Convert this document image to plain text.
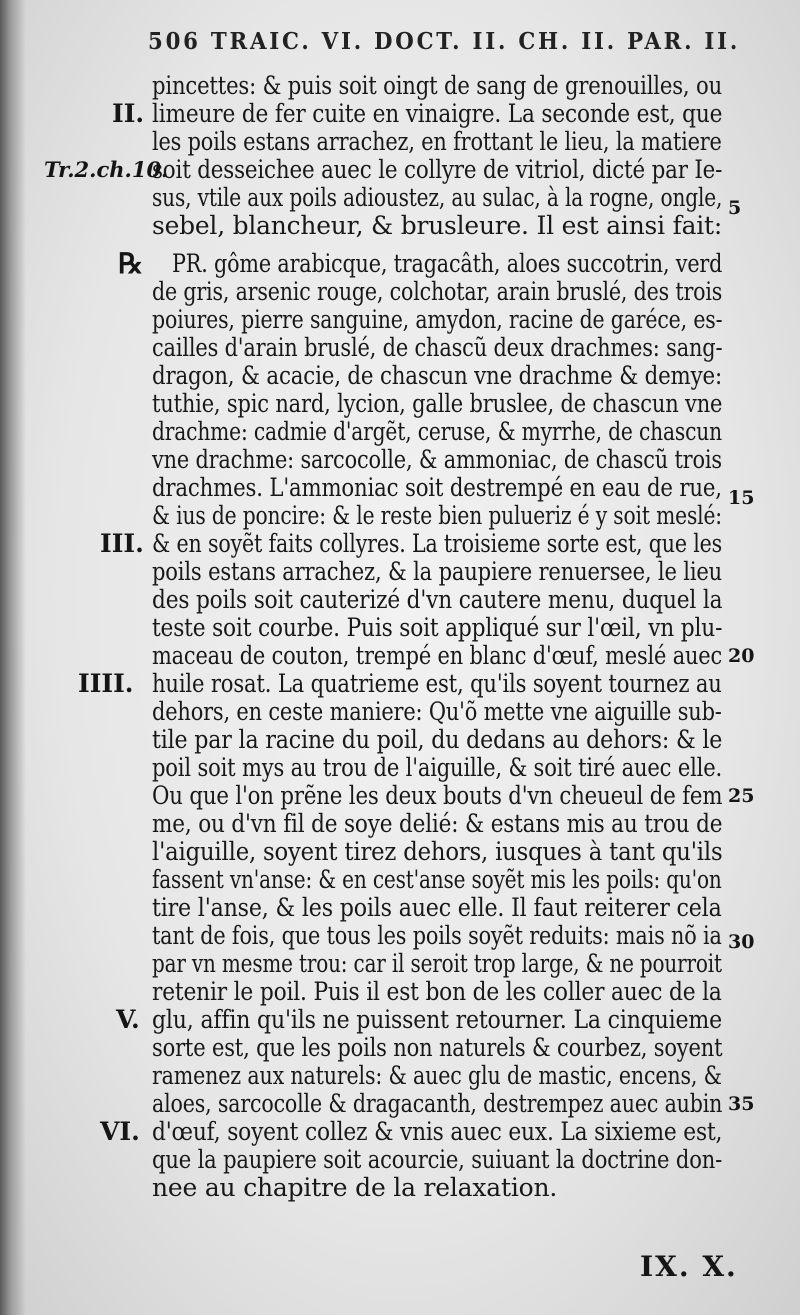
506 TRAIC. VI. DOCT. II. CH. II. PAR. II.
pincettes: & puis soit oingt de sang de grenouilles, ou
limeure de fer cuite en vinaigre. La seconde est, que
les poils estans arrachez, en frottant le lieu, la matiere
soit desseichee auec le collyre de vitriol, dicté par Ie-
sus, vtile aux poils adioustez, au sulac, à la rogne, ongle,
sebel, blancheur, & brusleure. Il est ainsi fait:
PR. gôme arabicque, tragacâth, aloes succotrin, verd
de gris, arsenic rouge, colchotar, arain bruslé, des trois
poiures, pierre sanguine, amydon, racine de garéce, es-
cailles d'arain bruslé, de chascũ deux drachmes: sang-
dragon, & acacie, de chascun vne drachme & demye:
tuthie, spic nard, lycion, galle bruslee, de chascun vne
drachme: cadmie d'argẽt, ceruse, & myrrhe, de chascun
vne drachme: sarcocolle, & ammoniac, de chascũ trois
drachmes. L'ammoniac soit destrempé en eau de rue,
& ius de poncire: & le reste bien pulueriz é y soit meslé:
& en soyẽt faits collyres. La troisieme sorte est, que les
poils estans arrachez, & la paupiere renuersee, le lieu
des poils soit cauterizé d'vn cautere menu, duquel la
teste soit courbe. Puis soit appliqué sur l'œil, vn plu-
maceau de couton, trempé en blanc d'œuf, meslé auec
huile rosat. La quatrieme est, qu'ils soyent tournez au
dehors, en ceste maniere: Qu'õ mette vne aiguille sub-
tile par la racine du poil, du dedans au dehors: & le
poil soit mys au trou de l'aiguille, & soit tiré auec elle.
Ou que l'on prẽne les deux bouts d'vn cheueul de fem
me, ou d'vn fil de soye delié: & estans mis au trou de
l'aiguille, soyent tirez dehors, iusques à tant qu'ils
fassent vn'anse: & en cest'anse soyẽt mis les poils: qu'on
tire l'anse, & les poils auec elle. Il faut reiterer cela
tant de fois, que tous les poils soyẽt reduits: mais nõ ia
par vn mesme trou: car il seroit trop large, & ne pourroit
retenir le poil. Puis il est bon de les coller auec de la
glu, affin qu'ils ne puissent retourner. La cinquieme
sorte est, que les poils non naturels & courbez, soyent
ramenez aux naturels: & auec glu de mastic, encens, &
aloes, sarcocolle & dragacanth, destrempez auec aubin
d'œuf, soyent collez & vnis auec eux. La sixieme est,
que la paupiere soit acourcie, suiuant la doctrine don-
nee au chapitre de la relaxation.
℞
II.
III.
IIII.
V.
VI.
Tr.2.ch.10.
5
15
20
25
30
35
IX. X.
